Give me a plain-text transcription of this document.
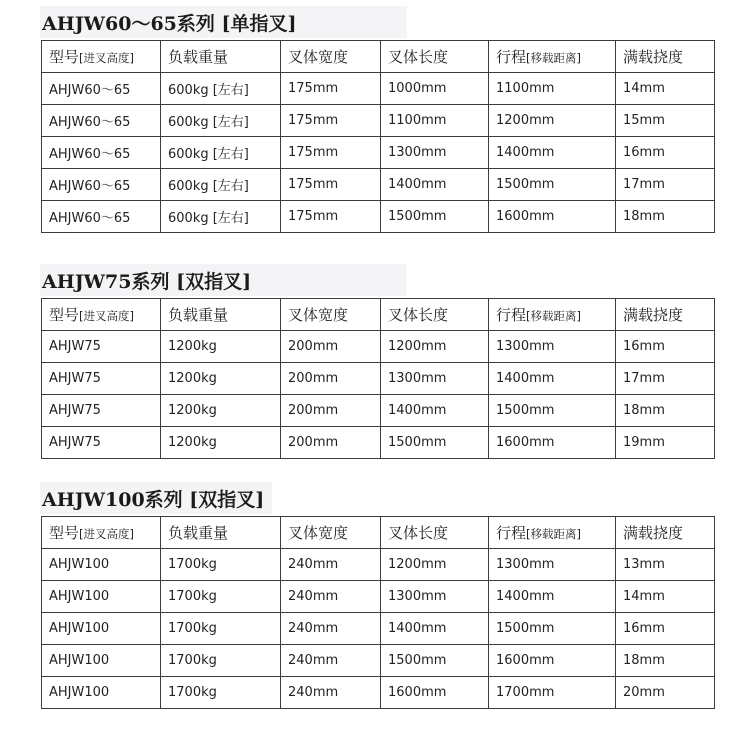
AHJW60～65系列 [单指叉]
型号[进叉高度]	负载重量	叉体宽度	叉体长度	行程[移载距离]	满载挠度
AHJW60～65	600kg [左右]	175mm	1000mm	1100mm	14mm
AHJW60～65	600kg [左右]	175mm	1100mm	1200mm	15mm
AHJW60～65	600kg [左右]	175mm	1300mm	1400mm	16mm
AHJW60～65	600kg [左右]	175mm	1400mm	1500mm	17mm
AHJW60～65	600kg [左右]	175mm	1500mm	1600mm	18mm
AHJW75系列 [双指叉]
型号[进叉高度]	负载重量	叉体宽度	叉体长度	行程[移载距离]	满载挠度
AHJW75	1200kg	200mm	1200mm	1300mm	16mm
AHJW75	1200kg	200mm	1300mm	1400mm	17mm
AHJW75	1200kg	200mm	1400mm	1500mm	18mm
AHJW75	1200kg	200mm	1500mm	1600mm	19mm
AHJW100系列 [双指叉]
型号[进叉高度]	负载重量	叉体宽度	叉体长度	行程[移载距离]	满载挠度
AHJW100	1700kg	240mm	1200mm	1300mm	13mm
AHJW100	1700kg	240mm	1300mm	1400mm	14mm
AHJW100	1700kg	240mm	1400mm	1500mm	16mm
AHJW100	1700kg	240mm	1500mm	1600mm	18mm
AHJW100	1700kg	240mm	1600mm	1700mm	20mm
